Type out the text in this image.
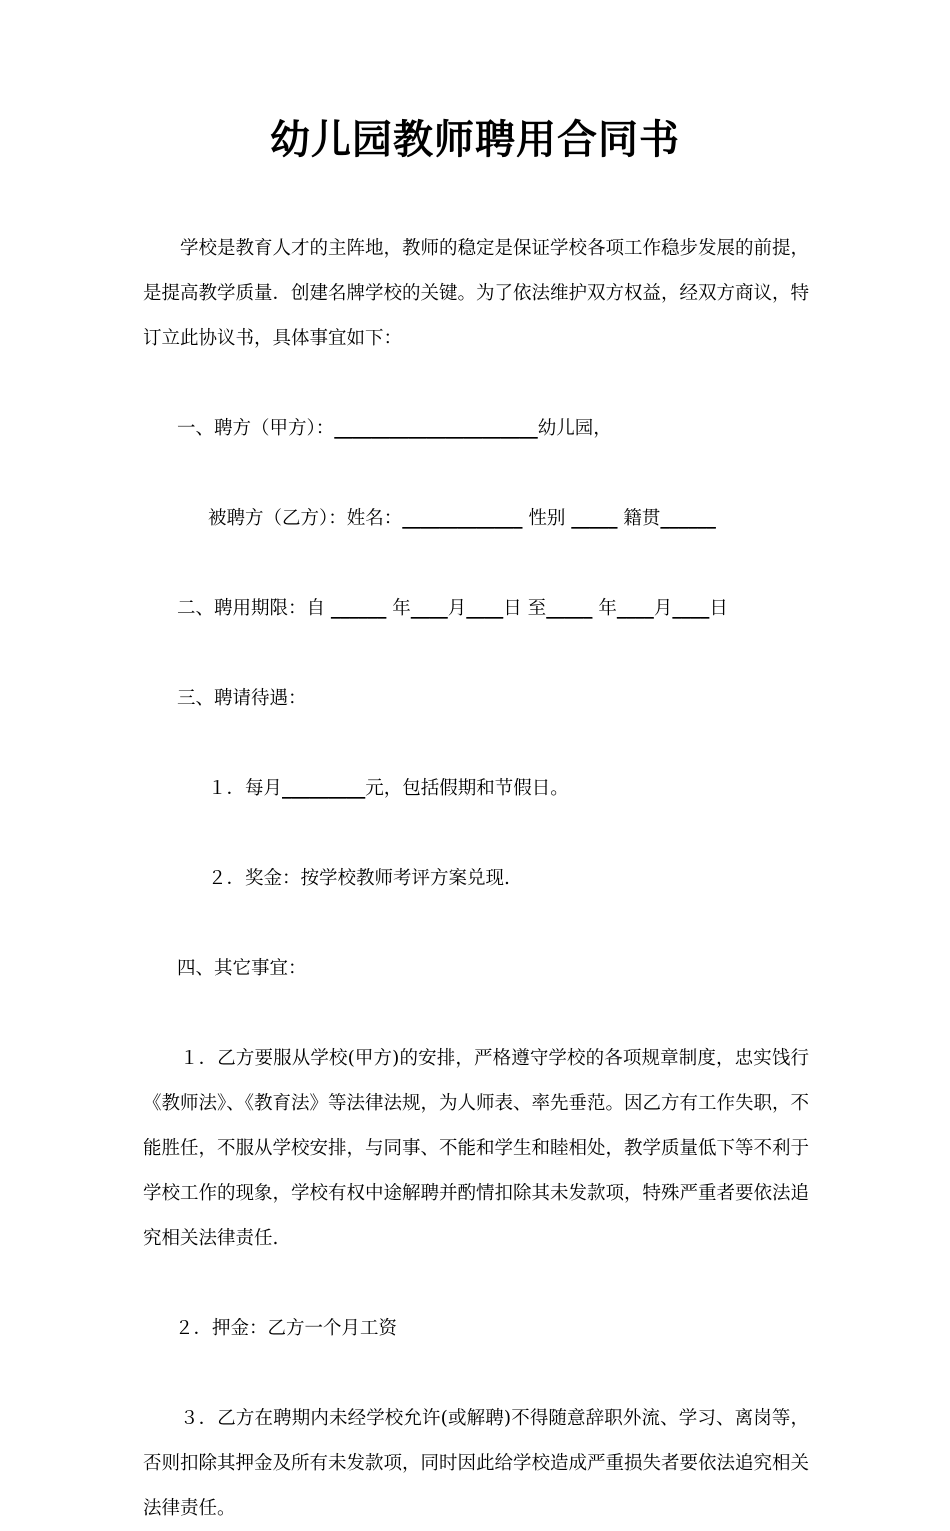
幼儿园教师聘用合同书

学校是教育人才的主阵地，教师的稳定是保证学校各项工作稳步发展的前提，是提高教学质量．创建名牌学校的关键。为了依法维护双方权益，经双方商议，特订立此协议书，具体事宜如下：

一、聘方（甲方）：______________________幼儿园，

被聘方（乙方）：姓名：_____________ 性别 _____ 籍贯______

二、聘用期限：自 ______ 年____月____日 至_____ 年____月____日

三、聘请待遇：

１．每月_________元，包括假期和节假日。

２．奖金：按学校教师考评方案兑现.

四、其它事宜：

１．乙方要服从学校(甲方)的安排，严格遵守学校的各项规章制度，忠实饯行《教师法》、《教育法》等法律法规，为人师表、率先垂范。因乙方有工作失职，不能胜任，不服从学校安排，与同事、不能和学生和睦相处，教学质量低下等不利于学校工作的现象，学校有权中途解聘并酌情扣除其未发款项，特殊严重者要依法追究相关法律责任.

２．押金：乙方一个月工资

３．乙方在聘期内未经学校允许(或解聘)不得随意辞职外流、学习、离岗等，否则扣除其押金及所有未发款项，同时因此给学校造成严重损失者要依法追究相关法律责任。
